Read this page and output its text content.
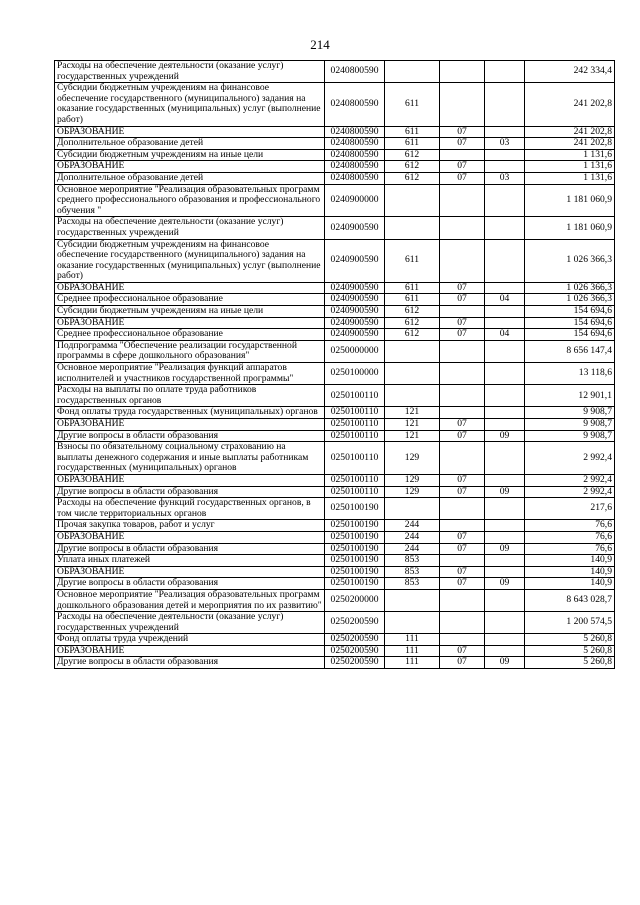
214
Расходы на обеспечение деятельности (оказание услуг) государственных учреждений	0240800590				242 334,4
Субсидии бюджетным учреждениям на финансовое обеспечение государственного (муниципального) задания на оказание государственных (муниципальных) услуг (выполнение работ)	0240800590	611			241 202,8
ОБРАЗОВАНИЕ	0240800590	611	07		241 202,8
Дополнительное образование детей	0240800590	611	07	03	241 202,8
Субсидии бюджетным учреждениям на иные цели	0240800590	612			1 131,6
ОБРАЗОВАНИЕ	0240800590	612	07		1 131,6
Дополнительное образование детей	0240800590	612	07	03	1 131,6
Основное мероприятие "Реализация образовательных программ среднего профессионального образования и профессионального обучения "	0240900000				1 181 060,9
Расходы на обеспечение деятельности (оказание услуг) государственных учреждений	0240900590				1 181 060,9
Субсидии бюджетным учреждениям на финансовое обеспечение государственного (муниципального) задания на оказание государственных (муниципальных) услуг (выполнение работ)	0240900590	611			1 026 366,3
ОБРАЗОВАНИЕ	0240900590	611	07		1 026 366,3
Среднее профессиональное образование	0240900590	611	07	04	1 026 366,3
Субсидии бюджетным учреждениям на иные цели	0240900590	612			154 694,6
ОБРАЗОВАНИЕ	0240900590	612	07		154 694,6
Среднее профессиональное образование	0240900590	612	07	04	154 694,6
Подпрограмма "Обеспечение реализации государственной программы в сфере дошкольного образования"	0250000000				8 656 147,4
Основное мероприятие "Реализация функций аппаратов исполнителей и участников государственной программы"	0250100000				13 118,6
Расходы на выплаты по оплате труда работников государственных органов	0250100110				12 901,1
Фонд оплаты труда государственных (муниципальных) органов	0250100110	121			9 908,7
ОБРАЗОВАНИЕ	0250100110	121	07		9 908,7
Другие вопросы в области образования	0250100110	121	07	09	9 908,7
Взносы по обязательному социальному страхованию на выплаты денежного содержания и иные выплаты работникам государственных (муниципальных) органов	0250100110	129			2 992,4
ОБРАЗОВАНИЕ	0250100110	129	07		2 992,4
Другие вопросы в области образования	0250100110	129	07	09	2 992,4
Расходы на обеспечение функций государственных органов, в том числе территориальных органов	0250100190				217,6
Прочая закупка товаров, работ и услуг	0250100190	244			76,6
ОБРАЗОВАНИЕ	0250100190	244	07		76,6
Другие вопросы в области образования	0250100190	244	07	09	76,6
Уплата иных платежей	0250100190	853			140,9
ОБРАЗОВАНИЕ	0250100190	853	07		140,9
Другие вопросы в области образования	0250100190	853	07	09	140,9
Основное мероприятие "Реализация образовательных программ дошкольного образования детей и мероприятия по их развитию"	0250200000				8 643 028,7
Расходы на обеспечение деятельности (оказание услуг) государственных учреждений	0250200590				1 200 574,5
Фонд оплаты труда учреждений	0250200590	111			5 260,8
ОБРАЗОВАНИЕ	0250200590	111	07		5 260,8
Другие вопросы в области образования	0250200590	111	07	09	5 260,8
